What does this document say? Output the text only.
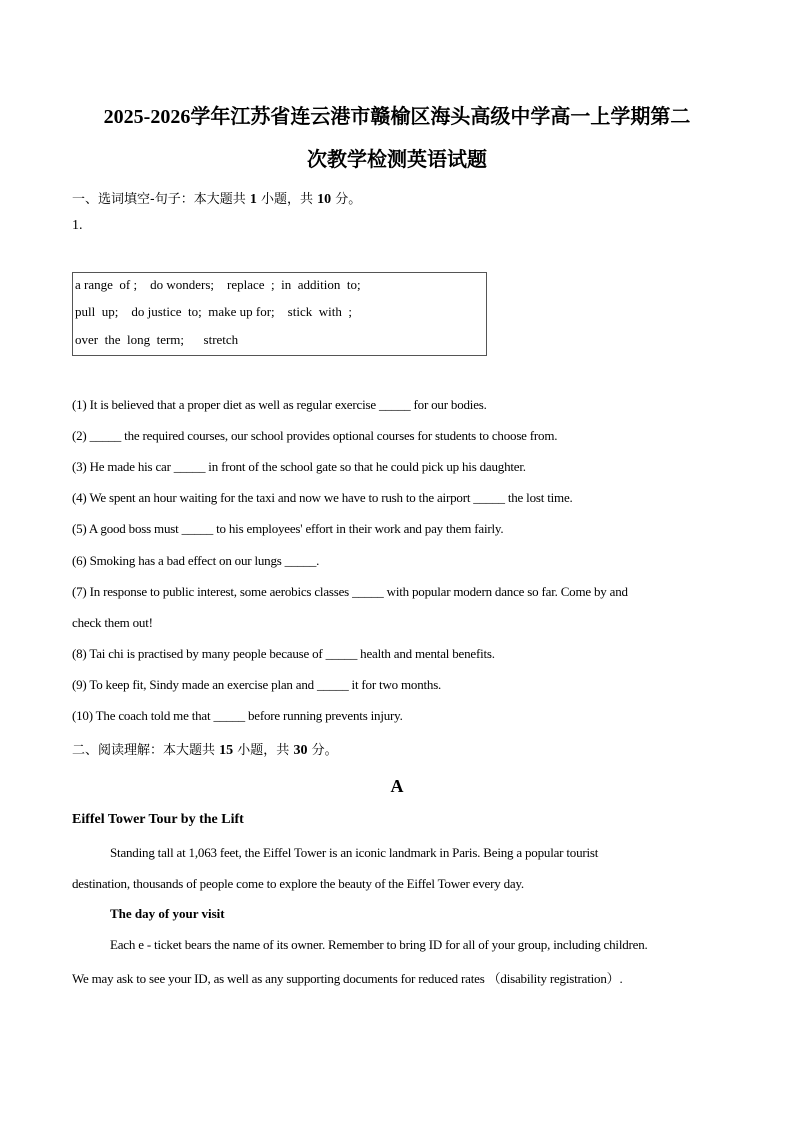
2025-2026学年江苏省连云港市赣榆区海头高级中学高一上学期第二
次教学检测英语试题
一、选词填空-句子：本大题共 1 小题，共 10 分。
1.
a range  of ;    do wonders;    replace  ;  in  addition  to;
pull  up;    do justice  to;  make up for;    stick  with  ;
over  the  long  term;      stretch
(1) It is believed that a proper diet as well as regular exercise _____ for our bodies.
(2) _____ the required courses, our school provides optional courses for students to choose from.
(3) He made his car _____ in front of the school gate so that he could pick up his daughter.
(4) We spent an hour waiting for the taxi and now we have to rush to the airport _____ the lost time.
(5) A good boss must _____ to his employees' effort in their work and pay them fairly.
(6) Smoking has a bad effect on our lungs _____.
(7) In response to public interest, some aerobics classes _____ with popular modern dance so far. Come by and
check them out!
(8) Tai chi is practised by many people because of _____ health and mental benefits.
(9) To keep fit, Sindy made an exercise plan and _____ it for two months.
(10) The coach told me that _____ before running prevents injury.
二、阅读理解：本大题共 15 小题，共 30 分。
A
Eiffel Tower Tour by the Lift
Standing tall at 1,063 feet, the Eiffel Tower is an iconic landmark in Paris. Being a popular tourist
destination, thousands of people come to explore the beauty of the Eiffel Tower every day.
The day of your visit
Each e - ticket bears the name of its owner. Remember to bring ID for all of your group, including children.
We may ask to see your ID, as well as any supporting documents for reduced rates （disability registration）.
